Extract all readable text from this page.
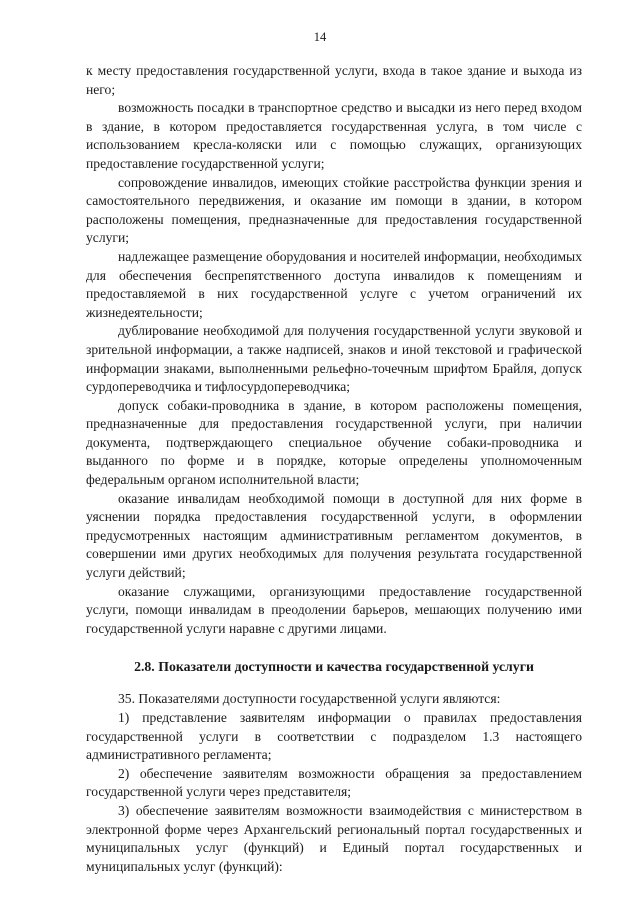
14

к месту предоставления государственной услуги, входа в такое здание и выхода из него;

возможность посадки в транспортное средство и высадки из него перед входом в здание, в котором предоставляется государственная услуга, в том числе с использованием кресла-коляски или с помощью служащих, организующих предоставление государственной услуги;

сопровождение инвалидов, имеющих стойкие расстройства функции зрения и самостоятельного передвижения, и оказание им помощи в здании, в котором расположены помещения, предназначенные для предоставления государственной услуги;

надлежащее размещение оборудования и носителей информации, необходимых для обеспечения беспрепятственного доступа инвалидов к помещениям и предоставляемой в них государственной услуге с учетом ограничений их жизнедеятельности;

дублирование необходимой для получения государственной услуги звуковой и зрительной информации, а также надписей, знаков и иной текстовой и графической информации знаками, выполненными рельефно-точечным шрифтом Брайля, допуск сурдопереводчика и тифлосурдопереводчика;

допуск собаки-проводника в здание, в котором расположены помещения, предназначенные для предоставления государственной услуги, при наличии документа, подтверждающего специальное обучение собаки-проводника и выданного по форме и в порядке, которые определены уполномоченным федеральным органом исполнительной власти;

оказание инвалидам необходимой помощи в доступной для них форме в уяснении порядка предоставления государственной услуги, в оформлении предусмотренных настоящим административным регламентом документов, в совершении ими других необходимых для получения результата государственной услуги действий;

оказание служащими, организующими предоставление государственной услуги, помощи инвалидам в преодолении барьеров, мешающих получению ими государственной услуги наравне с другими лицами.

2.8. Показатели доступности и качества государственной услуги

35. Показателями доступности государственной услуги являются:

1) представление заявителям информации о правилах предоставления государственной услуги в соответствии с подразделом 1.3 настоящего административного регламента;

2) обеспечение заявителям возможности обращения за предоставлением государственной услуги через представителя;

3) обеспечение заявителям возможности взаимодействия с министерством в электронной форме через Архангельский региональный портал государственных и муниципальных услуг (функций) и Единый портал государственных и муниципальных услуг (функций):
